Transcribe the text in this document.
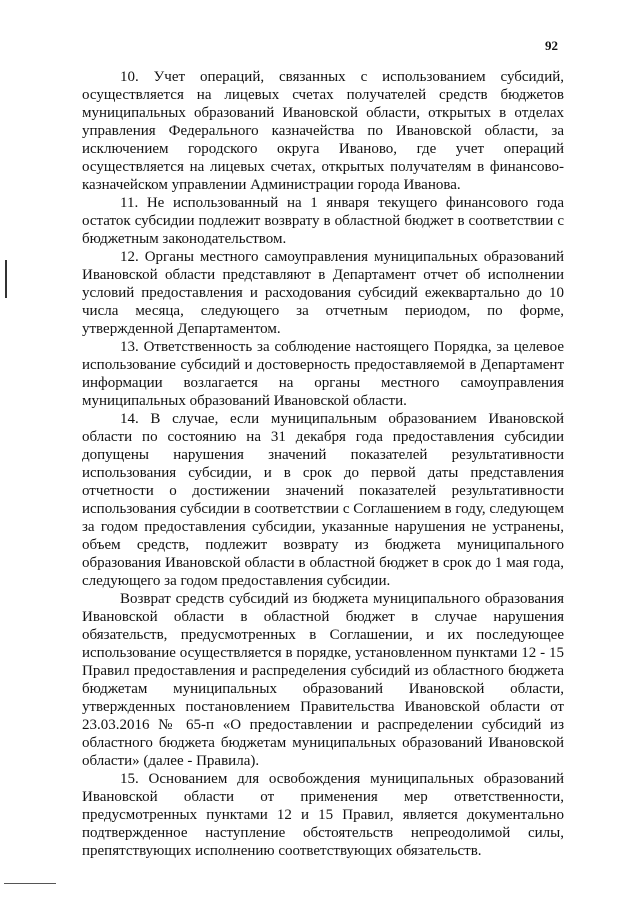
92

10. Учет операций, связанных с использованием субсидий, осуществляется на лицевых счетах получателей средств бюджетов муниципальных образований Ивановской области, открытых в отделах управления Федерального казначейства по Ивановской области, за исключением городского округа Иваново, где учет операций осуществляется на лицевых счетах, открытых получателям в финансово-казначейском управлении Администрации города Иванова.

11. Не использованный на 1 января текущего финансового года остаток субсидии подлежит возврату в областной бюджет в соответствии с бюджетным законодательством.

12. Органы местного самоуправления муниципальных образований Ивановской области представляют в Департамент отчет об исполнении условий предоставления и расходования субсидий ежеквартально до 10 числа месяца, следующего за отчетным периодом, по форме, утвержденной Департаментом.

13. Ответственность за соблюдение настоящего Порядка, за целевое использование субсидий и достоверность предоставляемой в Департамент информации возлагается на органы местного самоуправления муниципальных образований Ивановской области.

14. В случае, если муниципальным образованием Ивановской области по состоянию на 31 декабря года предоставления субсидии допущены нарушения значений показателей результативности использования субсидии, и в срок до первой даты представления отчетности о достижении значений показателей результативности использования субсидии в соответствии с Соглашением в году, следующем за годом предоставления субсидии, указанные нарушения не устранены, объем средств, подлежит возврату из бюджета муниципального образования Ивановской области в областной бюджет в срок до 1 мая года, следующего за годом предоставления субсидии.

Возврат средств субсидий из бюджета муниципального образования Ивановской области в областной бюджет в случае нарушения обязательств, предусмотренных в Соглашении, и их последующее использование осуществляется в порядке, установленном пунктами 12 - 15 Правил предоставления и распределения субсидий из областного бюджета бюджетам муниципальных образований Ивановской области, утвержденных постановлением Правительства Ивановской области от 23.03.2016 № 65-п «О предоставлении и распределении субсидий из областного бюджета бюджетам муниципальных образований Ивановской области» (далее - Правила).

15. Основанием для освобождения муниципальных образований Ивановской области от применения мер ответственности, предусмотренных пунктами 12 и 15 Правил, является документально подтвержденное наступление обстоятельств непреодолимой силы, препятствующих исполнению соответствующих обязательств.
